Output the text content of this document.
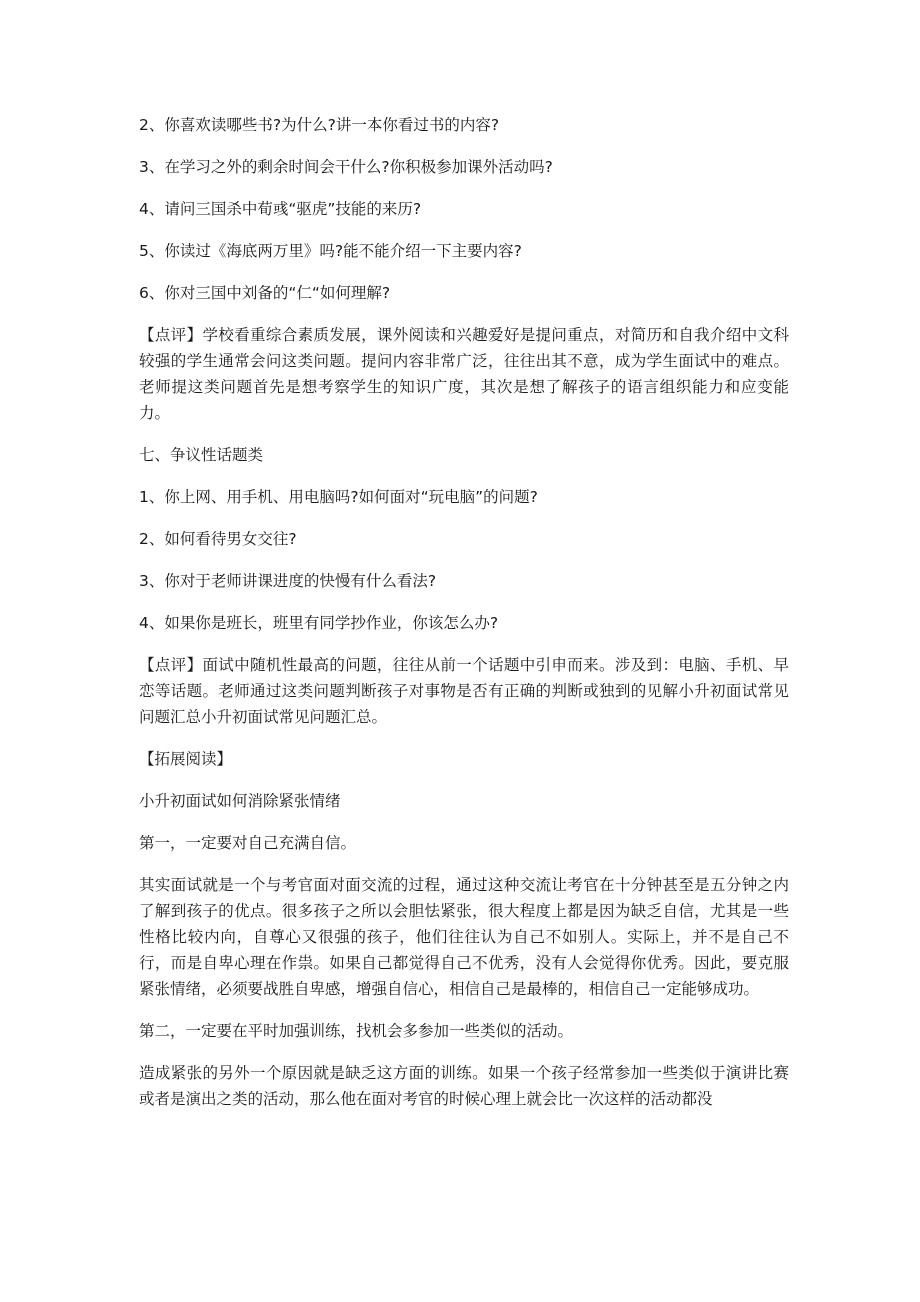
2、你喜欢读哪些书?为什么?讲一本你看过书的内容?

3、在学习之外的剩余时间会干什么?你积极参加课外活动吗?

4、请问三国杀中荀彧“驱虎”技能的来历?

5、你读过《海底两万里》吗?能不能介绍一下主要内容?

6、你对三国中刘备的“仁“如何理解?

【点评】学校看重综合素质发展，课外阅读和兴趣爱好是提问重点，对简历和自我介绍中文科较强的学生通常会问这类问题。提问内容非常广泛，往往出其不意，成为学生面试中的难点。老师提这类问题首先是想考察学生的知识广度，其次是想了解孩子的语言组织能力和应变能力。

七、争议性话题类

1、你上网、用手机、用电脑吗?如何面对“玩电脑”的问题?

2、如何看待男女交往?

3、你对于老师讲课进度的快慢有什么看法?

4、如果你是班长，班里有同学抄作业，你该怎么办?

【点评】面试中随机性最高的问题，往往从前一个话题中引申而来。涉及到：电脑、手机、早恋等话题。老师通过这类问题判断孩子对事物是否有正确的判断或独到的见解小升初面试常见问题汇总小升初面试常见问题汇总。

【拓展阅读】

小升初面试如何消除紧张情绪

第一，一定要对自己充满自信。

其实面试就是一个与考官面对面交流的过程，通过这种交流让考官在十分钟甚至是五分钟之内了解到孩子的优点。很多孩子之所以会胆怯紧张，很大程度上都是因为缺乏自信，尤其是一些性格比较内向，自尊心又很强的孩子，他们往往认为自己不如别人。实际上，并不是自己不行，而是自卑心理在作祟。如果自己都觉得自己不优秀，没有人会觉得你优秀。因此，要克服紧张情绪，必须要战胜自卑感，增强自信心，相信自己是最棒的，相信自己一定能够成功。

第二，一定要在平时加强训练，找机会多参加一些类似的活动。

造成紧张的另外一个原因就是缺乏这方面的训练。如果一个孩子经常参加一些类似于演讲比赛或者是演出之类的活动，那么他在面对考官的时候心理上就会比一次这样的活动都没
